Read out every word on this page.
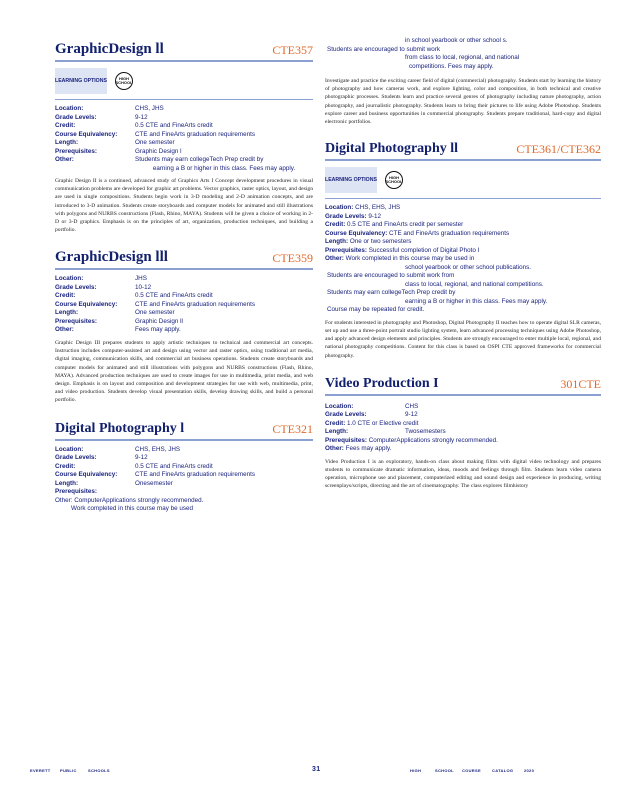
GraphicDesign ll	CTE357
LEARNING OPTIONS	HIGH SCHOOL
Location:	CHS, JHS
Grade Levels:	9-12
Credit:	0.5 CTE and FineArts credit
Course Equivalency:	CTE and FineArts graduation requirements
Length:	One semester
Prerequisites:	Graphic Design l
Other:	Students may earn collegeTech Prep credit by
earning a B or higher in this class. Fees may apply.
Graphic Design II is a continued, advanced study of Graphics Arts I Concept development procedures in visual communication problems are developed for graphic art problems. Vector graphics, raster optics, layout, and design are used in single compositions. Students begin work in 3-D modeling and 2-D animation concepts, and are introduced to 3-D animation. Students create storyboards and computer models for animated and still illustrations with polygons and NURBS constructions (Flash, Rhino, MAYA). Students will be given a choice of working in 2-D or 3-D graphics. Emphasis is on the principles of art, organization, production techniques, and building a portfolio.
GraphicDesign lll	CTE359
Location:	JHS
Grade Levels:	10-12
Credit:	0.5 CTE and FineArts credit
Course Equivalency:	CTE and FineArts graduation requirements
Length:	One semester
Prerequisites:	Graphic Design ll
Other:	Fees may apply.
Graphic Design III prepares students to apply artistic techniques to technical and commercial art concepts. Instruction includes computer-assisted art and design using vector and raster optics, using traditional art media, digital imaging, communication skills, and commercial art business operations. Students create storyboards and computer models for animated and still illustrations with polygons and NURBS constructions (Flash, Rhino, MAYA). Advanced production techniques are used to create images for use in multimedia, print media, and web design. Emphasis is on layout and composition and development strategies for use with web, multimedia, print, and video production. Students develop visual presentation skills, develop drawing skills, and build a personal portfolio.
Digital Photography l	CTE321
Location:	CHS, EHS, JHS
Grade Levels:	9-12
Credit:	0.5 CTE and FineArts credit
Course Equivalency:	CTE and FineArts graduation requirements
Length:	Onesemester
Prerequisites:
Other: ComputerApplications strongly recommended.
Work completed in this course may be used
in school yearbook or other school s.
Students are encouraged to submit work
from class to local, regional, and national
competitions. Fees may apply.
Investigate and practice the exciting career field of digital (commercial) photography. Students start by learning the history of photography and how cameras work, and explore lighting, color and composition, in both technical and creative photographic processes. Students learn and practice several genres of photography including nature photography, action photography, and journalistic photography. Students learn to bring their pictures to life using Adobe Photoshop. Students explore career and business opportunities in commercial photography. Students prepare traditional, hard-copy and digital electronic portfolios.
Digital Photography ll	CTE361/CTE362
LEARNING OPTIONS	HIGH SCHOOL
Location: CHS, EHS, JHS
Grade Levels: 9-12
Credit: 0.5 CTE and FineArts credit per semester
Course Equivalency: CTE and FineArts graduation requirements
Length: One or two semesters
Prerequisites: Successful completion of Digital Photo I
Other: Work completed in this course may be used in
school yearbook or other school publications.
Students are encouraged to submit work from
class to local, regional, and national competitions.
Students may earn collegeTech Prep credit by
earning a B or higher in this class. Fees may apply.
Course may be repeated for credit.
For students interested in photography and Photoshop, Digital Photography II teaches how to operate digital SLR cameras, set up and use a three-point portrait studio lighting system, learn advanced processing techniques using Adobe Photoshop, and apply advanced design elements and principles. Students are strongly encouraged to enter multiple local, regional, and national photography competitions. Content for this class is based on OSPI CTE approved frameworks for commercial photography.
Video Production I	301CTE
Location:	CHS
Grade Levels:	9-12
Credit: 1.0 CTE or Elective credit
Length:	Twosemesters
Prerequisites: ComputerApplications strongly recommended.
Other: Fees may apply.
Video Production I is an exploratory, hands-on class about making films with digital video technology and prepares students to communicate dramatic information, ideas, moods and feelings through film. Students learn video camera operation, microphone use and placement, computerized editing and sound design and experience in producing, writing screenplays/scripts, directing and the art of cinematography. The class explores filmhistory
EVERETT PUBLIC	SCHOOLS	31	HIGH	SCHOOL COURSE	CATALOG	2020
